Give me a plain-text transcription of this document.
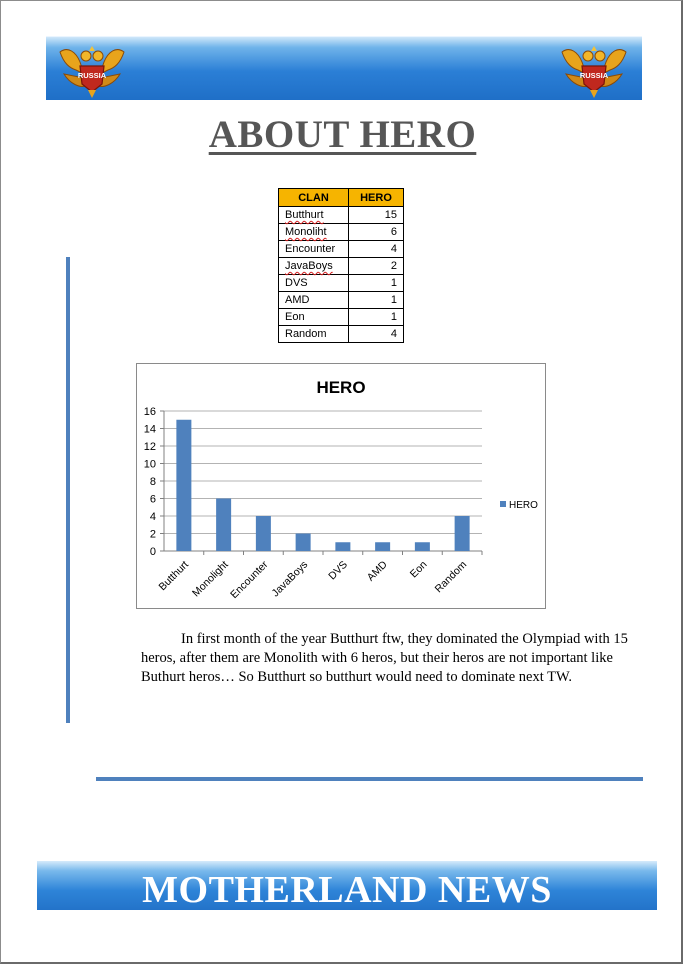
RUSSIA	RUSSIA
ABOUT HERO
CLAN	HERO
Butthurt	15
Monoliht	6
Encounter	4
JavaBoys	2
DVS	1
AMD	1
Eon	1
Random	4
HERO
0
2
4
6
8
10
12
14
16
Butthurt Monolight
Encounter JavaBoys DVS AMD Eon Random
HERO
In first month of the year Butthurt ftw, they dominated the Olympiad with 15 heros, after them are Monolith with 6 heros, but their heros are not important like Buthurt heros… So Butthurt so butthurt would need to dominate next TW.
MOTHERLAND NEWS
